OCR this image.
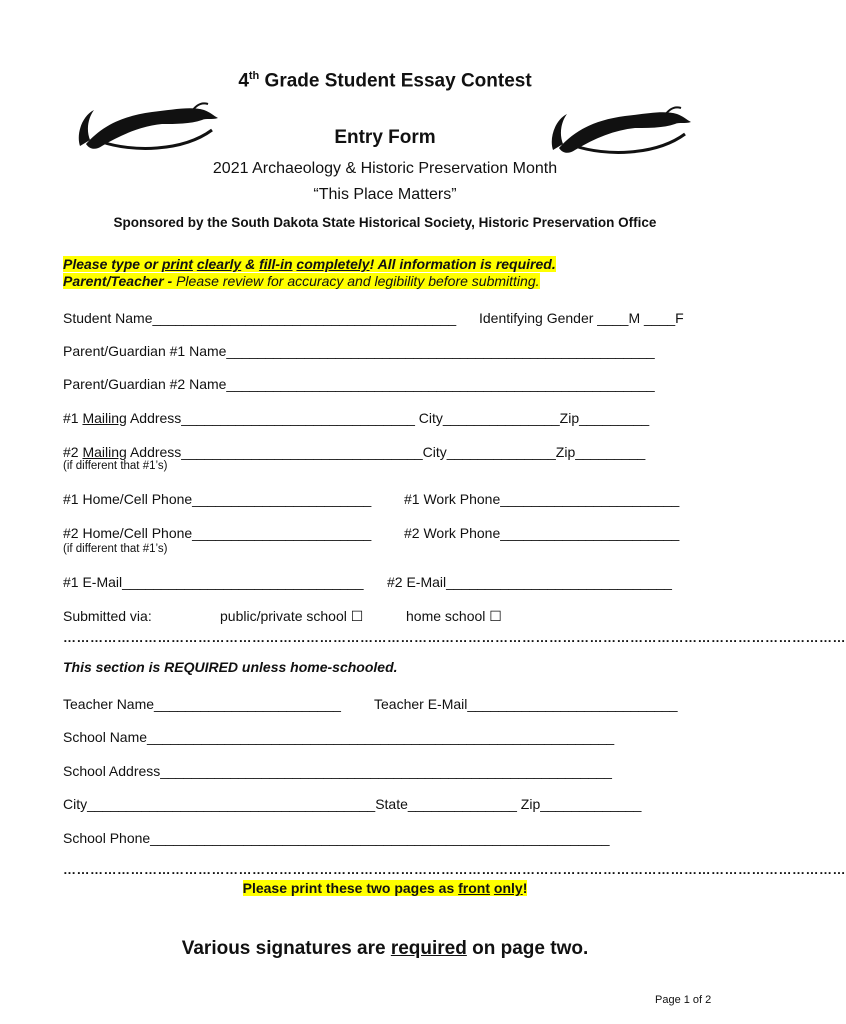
4th Grade Student Essay Contest
Entry Form
2021 Archaeology & Historic Preservation Month
“This Place Matters”
Sponsored by the South Dakota State Historical Society, Historic Preservation Office
Please type or print clearly & fill-in completely! All information is required.
Parent/Teacher - Please review for accuracy and legibility before submitting.
Student Name_______________________________________ Identifying Gender ____M ____F
Parent/Guardian #1 Name_______________________________________________________
Parent/Guardian #2 Name_______________________________________________________
#1 Mailing Address______________________________ City_______________Zip_________
#2 Mailing Address_______________________________City______________Zip_________
(if different that #1’s)
#1 Home/Cell Phone_______________________ #1 Work Phone_______________________
#2 Home/Cell Phone_______________________ #2 Work Phone_______________________
(if different that #1’s)
#1 E-Mail_______________________________ #2 E-Mail_____________________________
Submitted via:	public/private school ☐	home school ☐
…………………………………………………………………………………………………………………………………………………………
This section is REQUIRED unless home-schooled.
Teacher Name________________________ Teacher E-Mail___________________________
School Name____________________________________________________________
School Address__________________________________________________________
City_____________________________________State______________ Zip_____________
School Phone___________________________________________________________
…………………………………………………………………………………………………………………………………………………………
Please print these two pages as front only!
Various signatures are required on page two.
Page 1 of 2
